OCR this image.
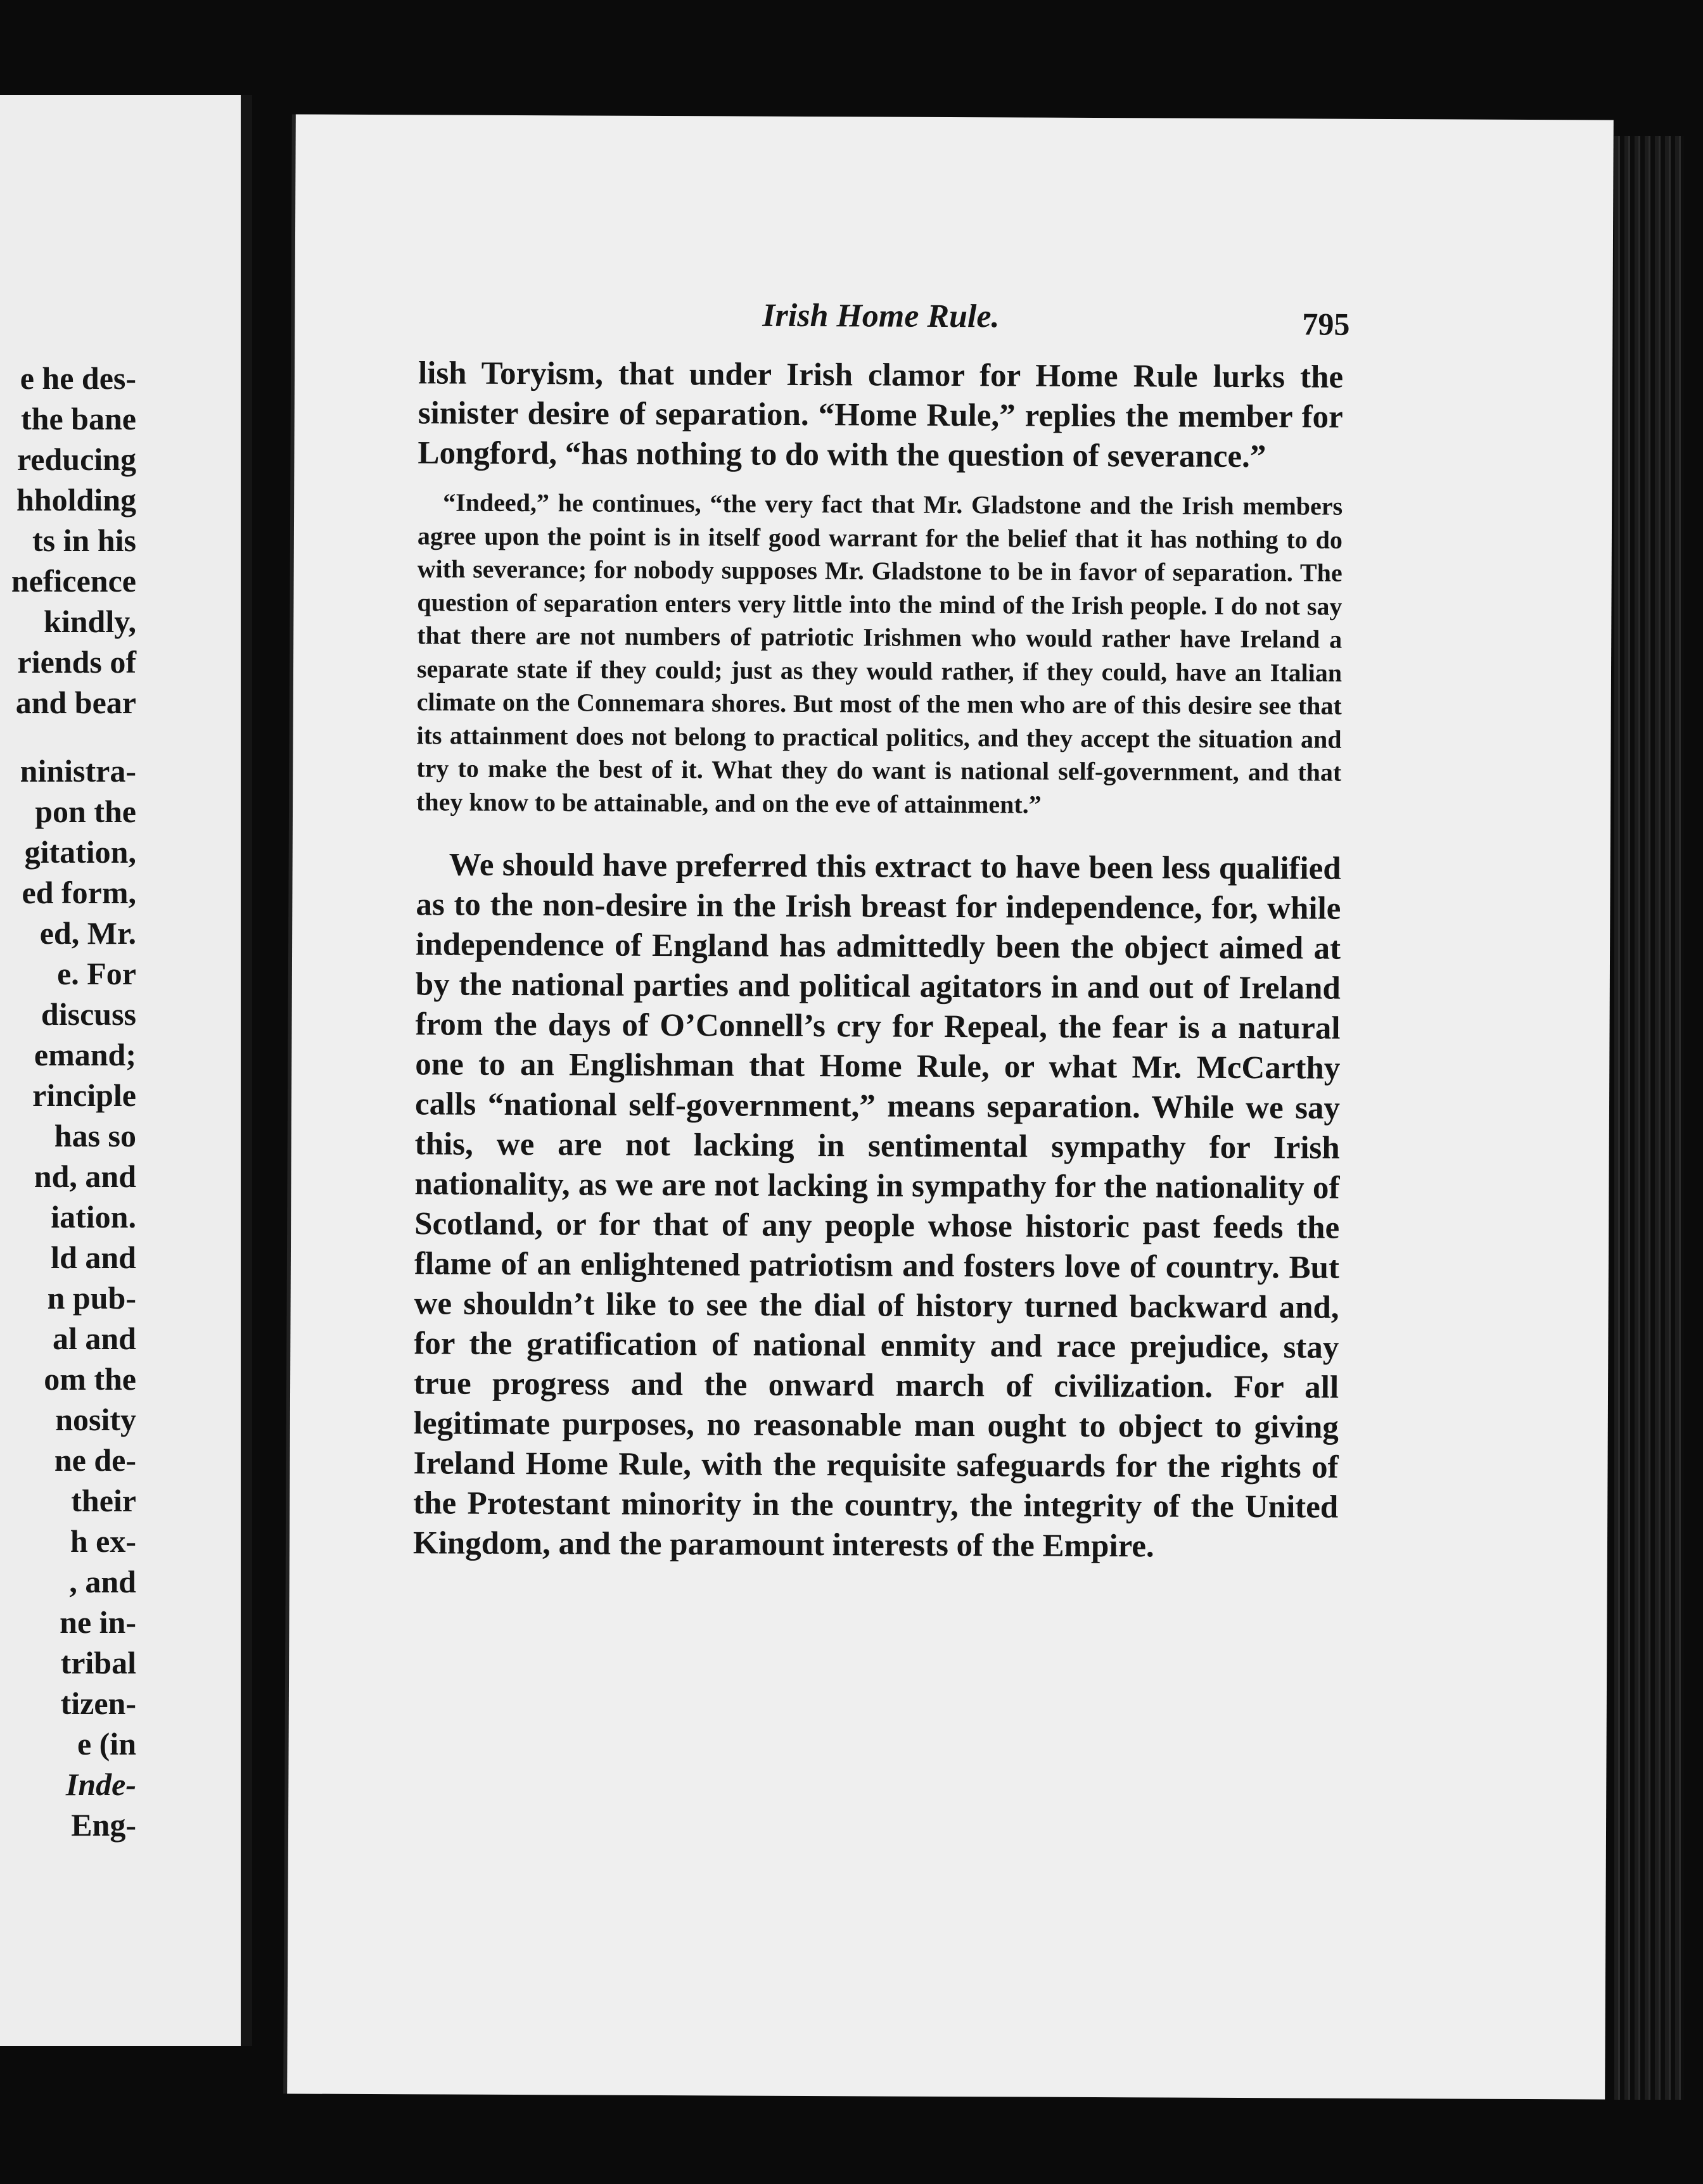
e he des-
the bane
reducing
hholding
ts in his
neficence
kindly,
riends of
and bear
ninistra-
pon the
gitation,
ed form,
ed, Mr.
e. For
discuss
emand;
rinciple
has so
nd, and
iation.
ld and
n pub-
al and
om the
nosity
ne de-
their
h ex-
, and
ne in-
tribal
tizen-
e (in
Inde-
Eng-
Irish Home Rule.	795

lish Toryism, that under Irish clamor for Home Rule lurks the sinister desire of separation. “Home Rule,” replies the member for Longford, “has nothing to do with the question of severance.”

“Indeed,” he continues, “the very fact that Mr. Gladstone and the Irish members agree upon the point is in itself good warrant for the belief that it has nothing to do with severance; for nobody supposes Mr. Gladstone to be in favor of separation. The question of separation enters very little into the mind of the Irish people. I do not say that there are not numbers of patriotic Irishmen who would rather have Ireland a separate state if they could; just as they would rather, if they could, have an Italian climate on the Connemara shores. But most of the men who are of this desire see that its attainment does not belong to practical politics, and they accept the situation and try to make the best of it. What they do want is national self-government, and that they know to be attainable, and on the eve of attainment.”

We should have preferred this extract to have been less qualified as to the non-desire in the Irish breast for independence, for, while independence of England has admittedly been the object aimed at by the national parties and political agitators in and out of Ireland from the days of O’Connell’s cry for Repeal, the fear is a natural one to an Englishman that Home Rule, or what Mr. McCarthy calls “national self-government,” means separation. While we say this, we are not lacking in sentimental sympathy for Irish nationality, as we are not lacking in sympathy for the nationality of Scotland, or for that of any people whose historic past feeds the flame of an enlightened patriotism and fosters love of country. But we shouldn’t like to see the dial of history turned backward and, for the gratification of national enmity and race prejudice, stay true progress and the onward march of civilization. For all legitimate purposes, no reasonable man ought to object to giving Ireland Home Rule, with the requisite safeguards for the rights of the Protestant minority in the country, the integrity of the United Kingdom, and the paramount interests of the Empire.
